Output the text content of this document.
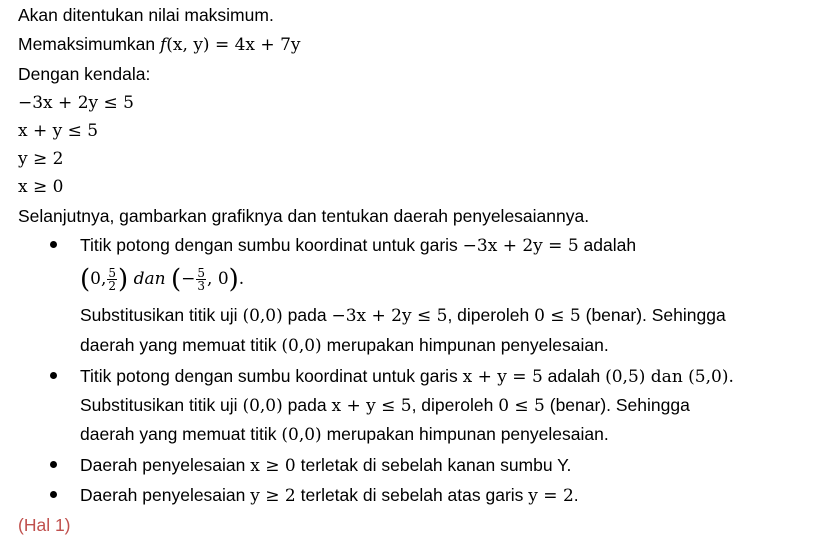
Akan ditentukan nilai maksimum.
Memaksimumkan f(x, y) = 4x + 7y
Dengan kendala:
−3x + 2y ≤ 5
x + y ≤ 5
y ≥ 2
x ≥ 0
Selanjutnya, gambarkan grafiknya dan tentukan daerah penyelesaiannya.
Titik potong dengan sumbu koordinat untuk garis −3x + 2y = 5 adalah
(0, $\frac{5}{2}$ ) dan (− $\frac{5}{3}$ , 0).
Substitusikan titik uji (0,0) pada −3x + 2y ≤ 5, diperoleh 0 ≤ 5 (benar). Sehingga
daerah yang memuat titik (0,0) merupakan himpunan penyelesaian.
Titik potong dengan sumbu koordinat untuk garis x + y = 5 adalah (0,5) dan (5,0).
Substitusikan titik uji (0,0) pada x + y ≤ 5, diperoleh 0 ≤ 5 (benar). Sehingga
daerah yang memuat titik (0,0) merupakan himpunan penyelesaian.
Daerah penyelesaian x ≥ 0 terletak di sebelah kanan sumbu Y.
Daerah penyelesaian y ≥ 2 terletak di sebelah atas garis y = 2.
(Hal 1)
